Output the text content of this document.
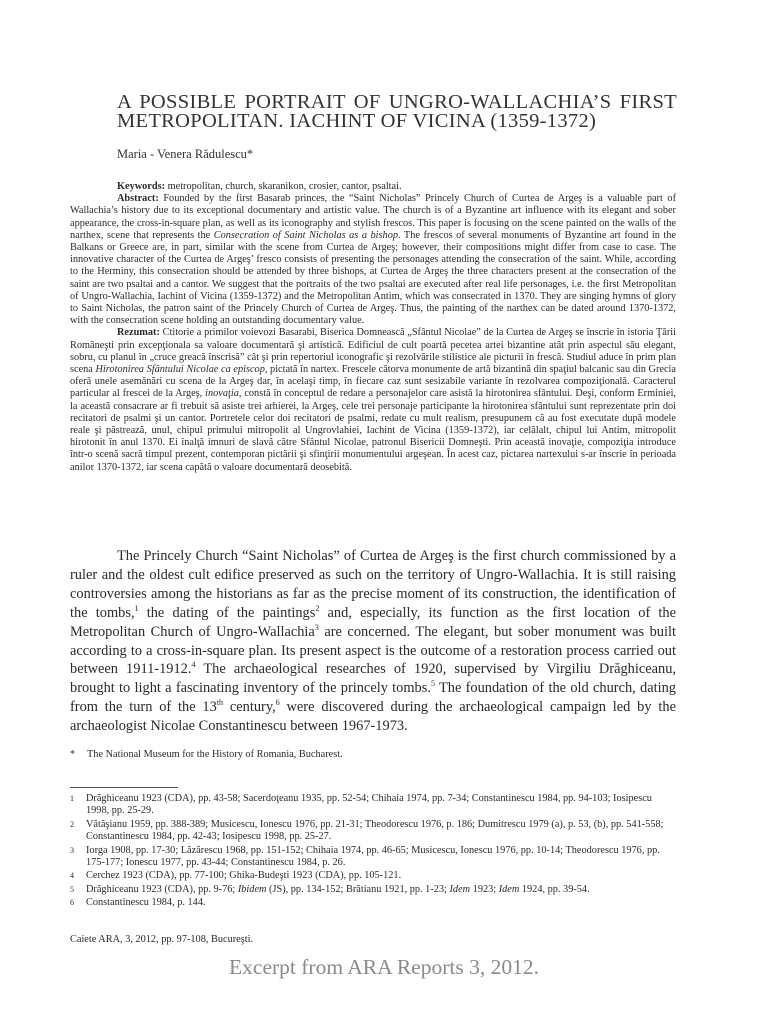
A POSSIBLE PORTRAIT OF UNGRO-WALLACHIA’S FIRST METROPOLITAN. IACHINT OF VICINA (1359-1372)
Maria - Venera Rădulescu*

Keywords: metropolitan, church, skaranikon, crosier, cantor, psaltai.

Abstract: Founded by the first Basarab princes, the “Saint Nicholas” Princely Church of Curtea de Argeş is a valuable part of Wallachia’s history due to its exceptional documentary and artistic value. The church is of a Byzantine art influence with its elegant and sober appearance, the cross-in-square plan, as well as its iconography and stylish frescos. This paper is focusing on the scene painted on the walls of the narthex, scene that represents the Consecration of Saint Nicholas as a bishop. The frescos of several monuments of Byzantine art found in the Balkans or Greece are, in part, similar with the scene from Curtea de Argeş; however, their compositions might differ from case to case. The innovative character of the Curtea de Argeş’ fresco consists of presenting the personages attending the consecration of the saint. While, according to the Herminy, this consecration should be attended by three bishops, at Curtea de Argeş the three characters present at the consecration of the saint are two psaltai and a cantor. We suggest that the portraits of the two psaltai are executed after real life personages, i.e. the first Metropolitan of Ungro-Wallachia, Iachint of Vicina (1359-1372) and the Metropolitan Antim, which was consecrated in 1370. They are singing hymns of glory to Saint Nicholas, the patron saint of the Princely Church of Curtea de Argeş. Thus, the painting of the narthex can be dated around 1370-1372, with the consecration scene holding an outstanding documentary value.

Rezumat: Ctitorie a primilor voievozi Basarabi, Biserica Domnească „Sfântul Nicolae” de la Curtea de Argeş se înscrie în istoria Ţării Româneşti prin excepţionala sa valoare documentară şi artistică. Edificiul de cult poartă pecetea artei bizantine atât prin aspectul său elegant, sobru, cu planul în „cruce greacă înscrisă” cât şi prin repertoriul iconografic şi rezolvările stilistice ale picturii în frescă. Studiul aduce în prim plan scena Hirotonirea Sfântului Nicolae ca episcop, pictată în nartex. Frescele câtorva monumente de artă bizantină din spaţiul balcanic sau din Grecia oferă unele asemănări cu scena de la Argeş dar, în acelaşi timp, în fiecare caz sunt sesizabile variante în rezolvarea compoziţională. Caracterul particular al frescei de la Argeş, inovaţia, constă în conceptul de redare a personajelor care asistă la hirotonirea sfântului. Deşi, conform Erminiei, la această consacrare ar fi trebuit să asiste trei arhierei, la Argeş, cele trei personaje participante la hirotonirea sfântului sunt reprezentate prin doi recitatori de psalmi şi un cantor. Portretele celor doi recitatori de psalmi, redate cu mult realism, presupunem că au fost executate după modele reale şi păstrează, unul, chipul primului mitropolit al Ungrovlahiei, Iachint de Vicina (1359-1372), iar celălalt, chipul lui Antim, mitropolit hirotonit în anul 1370. Ei înalţă imnuri de slavă către Sfântul Nicolae, patronul Bisericii Domneşti. Prin această inovaţie, compoziţia introduce într-o scenă sacră timpul prezent, contemporan pictării şi sfinţirii monumentului argeşean. În acest caz, pictarea nartexului s-ar înscrie în perioada anilor 1370-1372, iar scena capătă o valoare documentară deosebită.

The Princely Church “Saint Nicholas” of Curtea de Argeş is the first church commissioned by a ruler and the oldest cult edifice preserved as such on the territory of Ungro-Wallachia. It is still raising controversies among the historians as far as the precise moment of its construction, the identification of the tombs,$^1$ the dating of the paintings$^2$ and, especially, its function as the first location of the Metropolitan Church of Ungro-Wallachia$^3$ are concerned. The elegant, but sober monument was built according to a cross-in-square plan. Its present aspect is the outcome of a restoration process carried out between 1911-1912.$^4$ The archaeological researches of 1920, supervised by Virgiliu Drăghiceanu, brought to light a fascinating inventory of the princely tombs.$^5$ The foundation of the old church, dating from the turn of the 13th century,$^6$ were discovered during the archaeological campaign led by the archaeologist Nicolae Constantinescu between 1967-1973.

* The National Museum for the History of Romania, Bucharest.
1	Drăghiceanu 1923 (CDA), pp. 43-58; Sacerdoţeanu 1935, pp. 52-54; Chihaia 1974, pp. 7-34; Constantinescu 1984, pp. 94-103; Iosipescu 1998, pp. 25-29.
2	Vătăşianu 1959, pp. 388-389; Musicescu, Ionescu 1976, pp. 21-31; Theodorescu 1976, p. 186; Dumitrescu 1979 (a), p. 53, (b), pp. 541-558; Constantinescu 1984, pp. 42-43; Iosipescu 1998, pp. 25-27.
3	Iorga 1908, pp. 17-30; Lăzărescu 1968, pp. 151-152; Chihaia 1974, pp. 46-65; Musicescu, Ionescu 1976, pp. 10-14; Theodorescu 1976, pp. 175-177; Ionescu 1977, pp. 43-44; Constantinescu 1984, p. 26.
4	Cerchez 1923 (CDA), pp. 77-100; Ghika-Budeşti 1923 (CDA), pp. 105-121.
5	Drăghiceanu 1923 (CDA), pp. 9-76; Ibidem (JS), pp. 134-152; Brătianu 1921, pp. 1-23; Idem 1923; Idem 1924, pp. 39-54.
6	Constantinescu 1984, p. 144.
Caiete ARA, 3, 2012, pp. 97-108, Bucureşti.
Excerpt from ARA Reports 3, 2012.
